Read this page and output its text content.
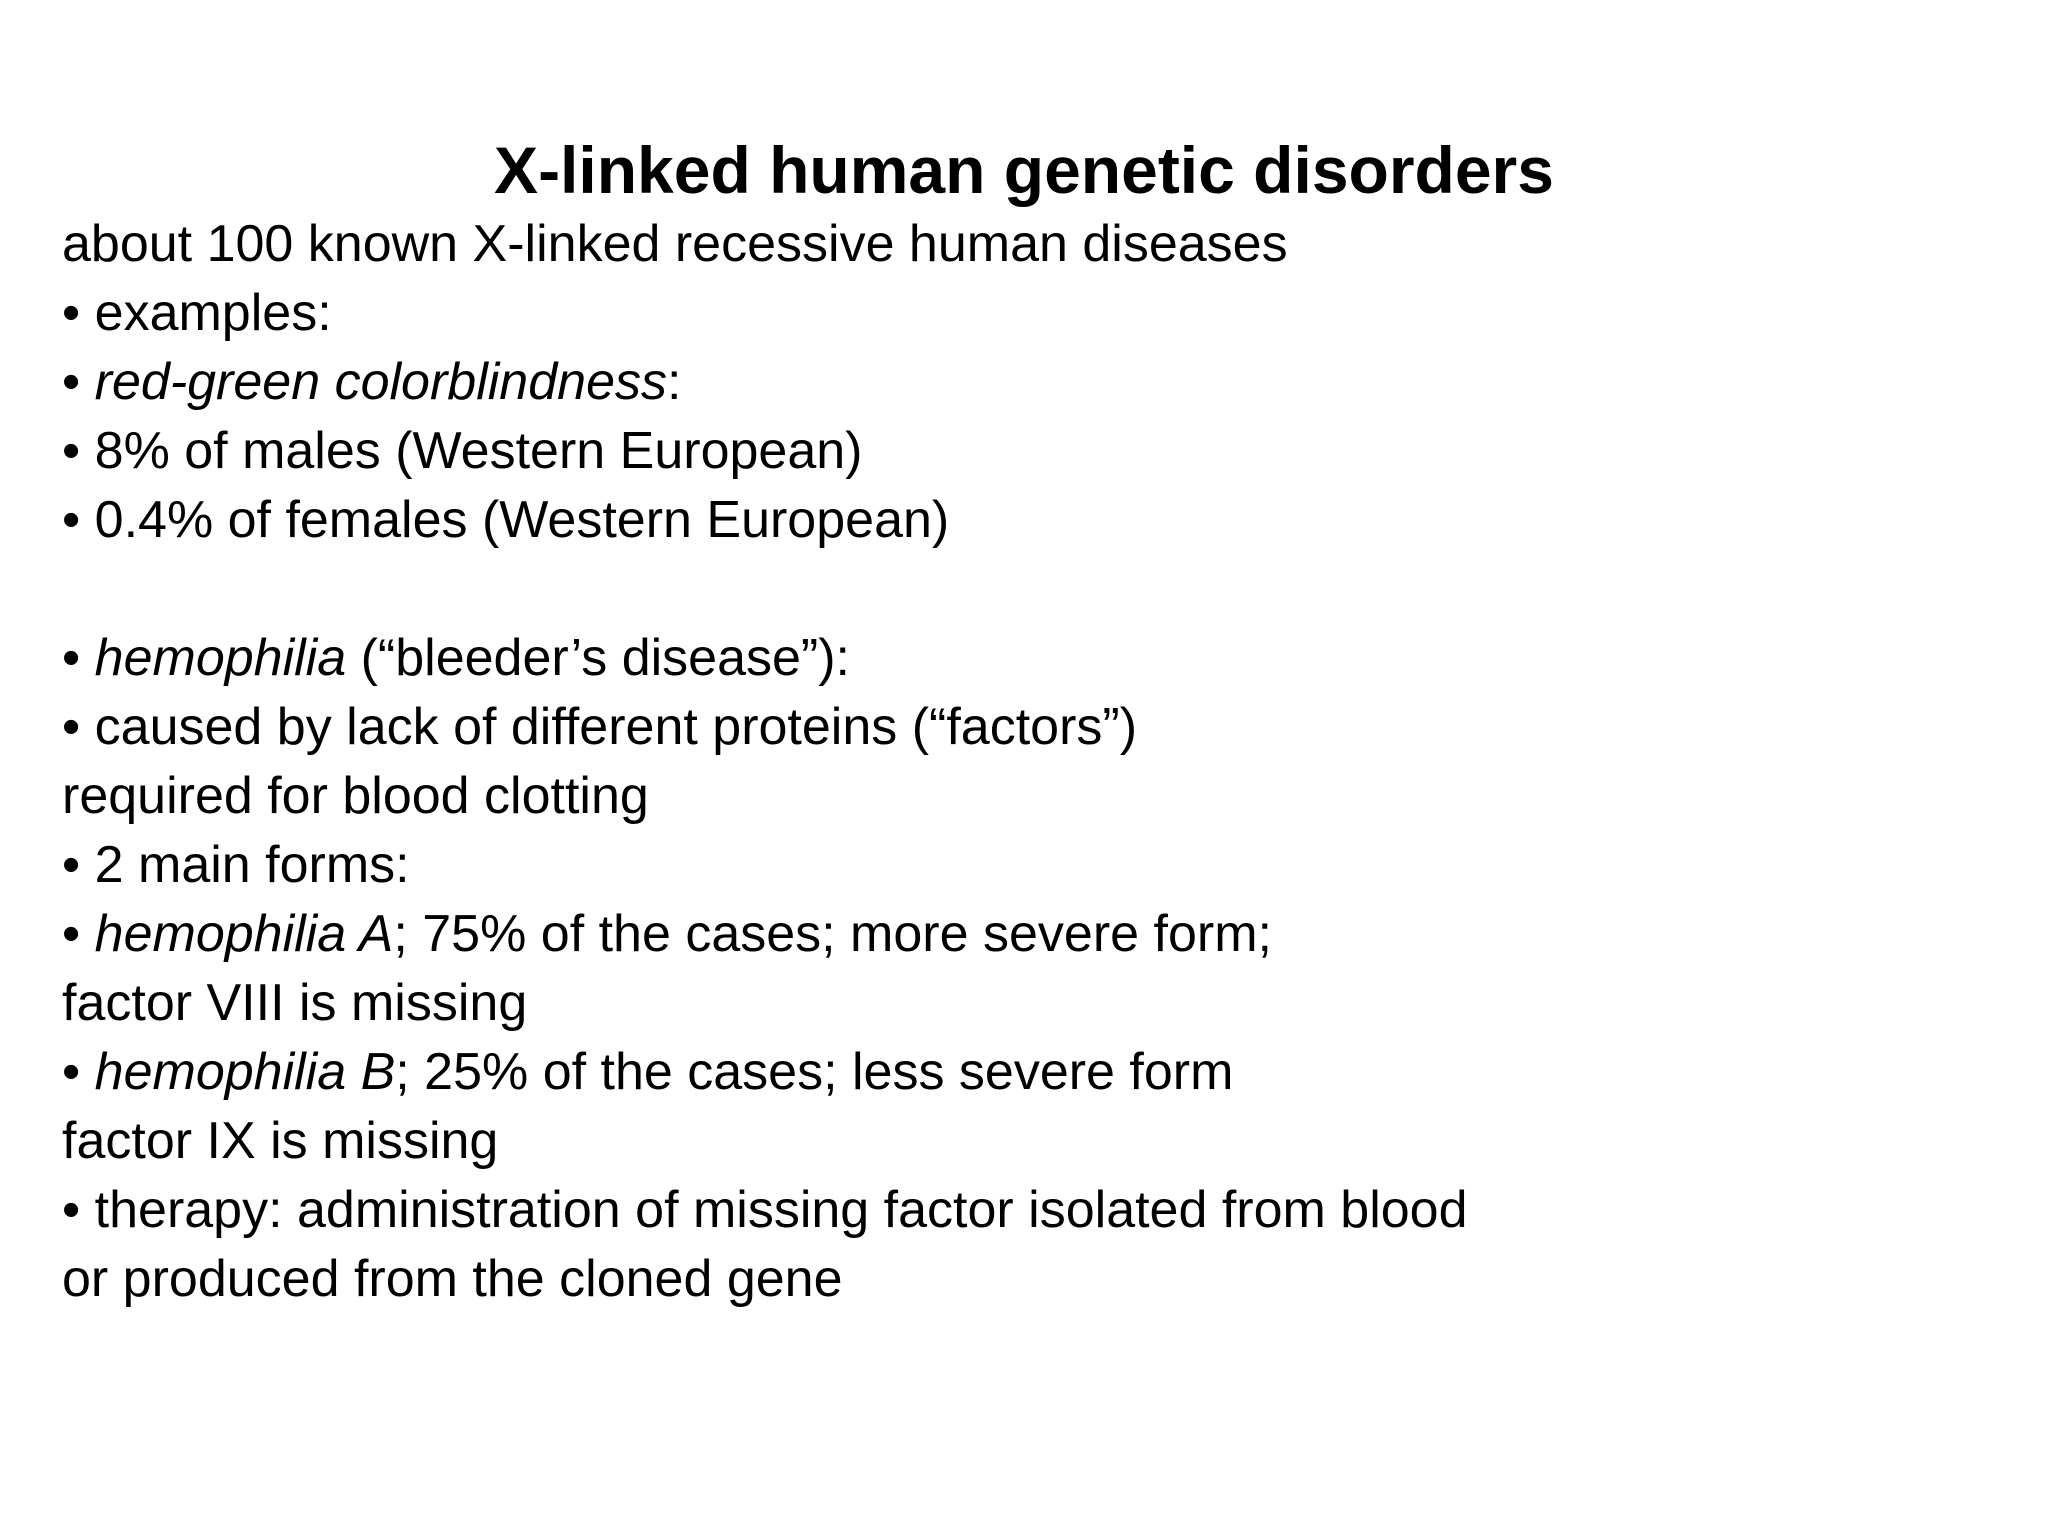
X-linked human genetic disorders
about 100 known X-linked recessive human diseases
• examples:
• red-green colorblindness:
• 8% of males (Western European)
• 0.4% of females (Western European)
• hemophilia (“bleeder’s disease”):
• caused by lack of different proteins (“factors”)
required for blood clotting
• 2 main forms:
• hemophilia A; 75% of the cases; more severe form;
factor VIII is missing
• hemophilia B; 25% of the cases; less severe form
factor IX is missing
• therapy: administration of missing factor isolated from blood
or produced from the cloned gene
